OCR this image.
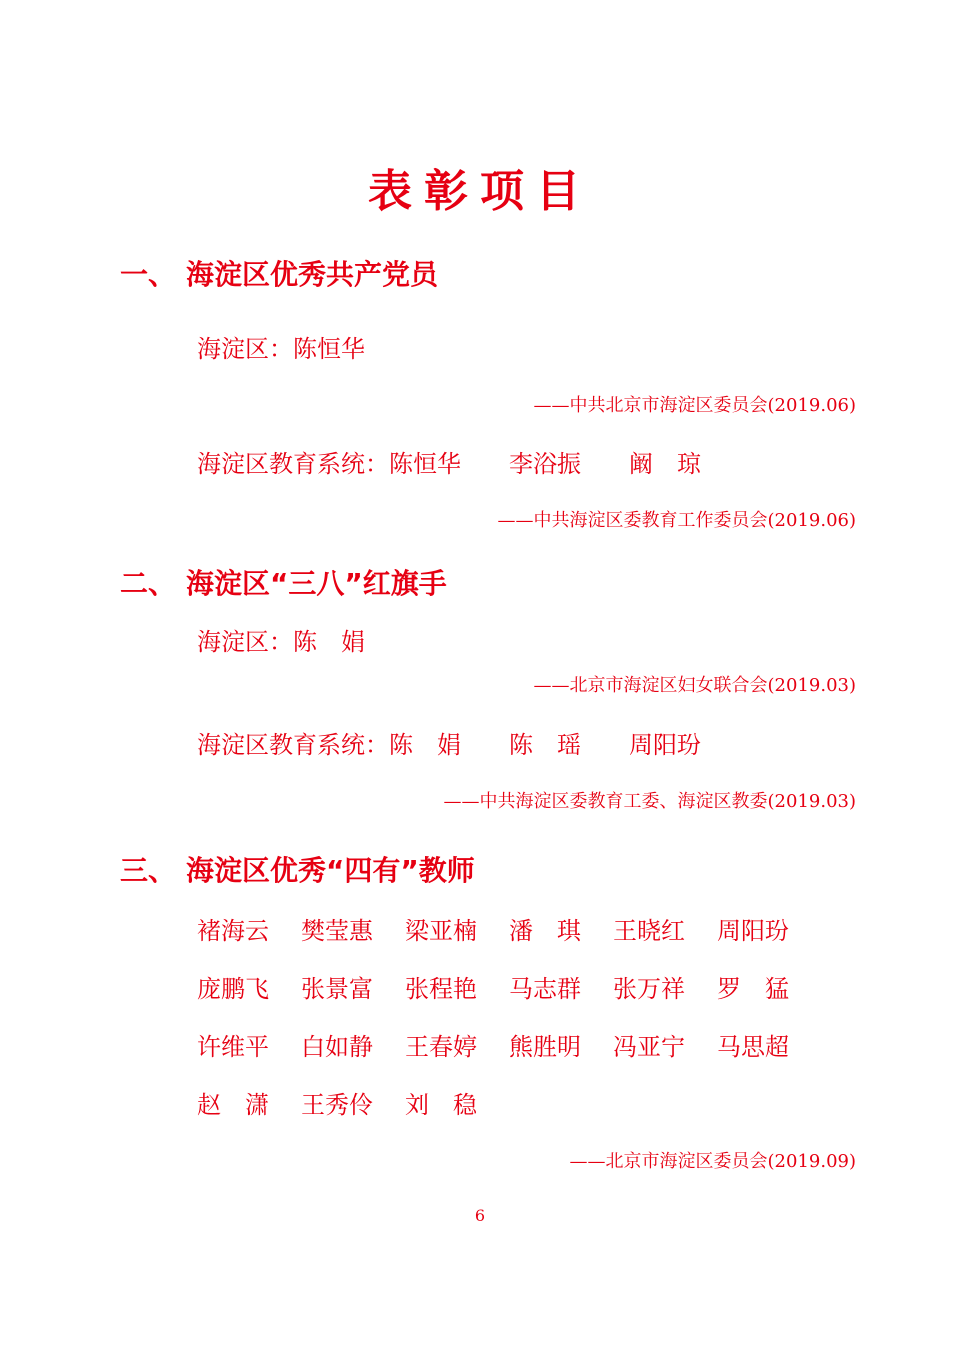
表彰项目
一、 海淀区优秀共产党员
海淀区：陈恒华
——中共北京市海淀区委员会(2019.06)
海淀区教育系统：陈恒华　　李浴振　　阚　琼
——中共海淀区委教育工作委员会(2019.06)
二、 海淀区“三八”红旗手
海淀区：陈　娟
——北京市海淀区妇女联合会(2019.03)
海淀区教育系统：陈　娟　　陈　瑶　　周阳玢
——中共海淀区委教育工委、海淀区教委(2019.03)
三、 海淀区优秀“四有”教师
褚海云	樊莹惠	梁亚楠	潘　琪	王晓红	周阳玢
庞鹏飞	张景富	张程艳	马志群	张万祥	罗　猛
许维平	白如静	王春婷	熊胜明	冯亚宁	马思超
赵　潇	王秀伶	刘　稳
——北京市海淀区委员会(2019.09)
6
